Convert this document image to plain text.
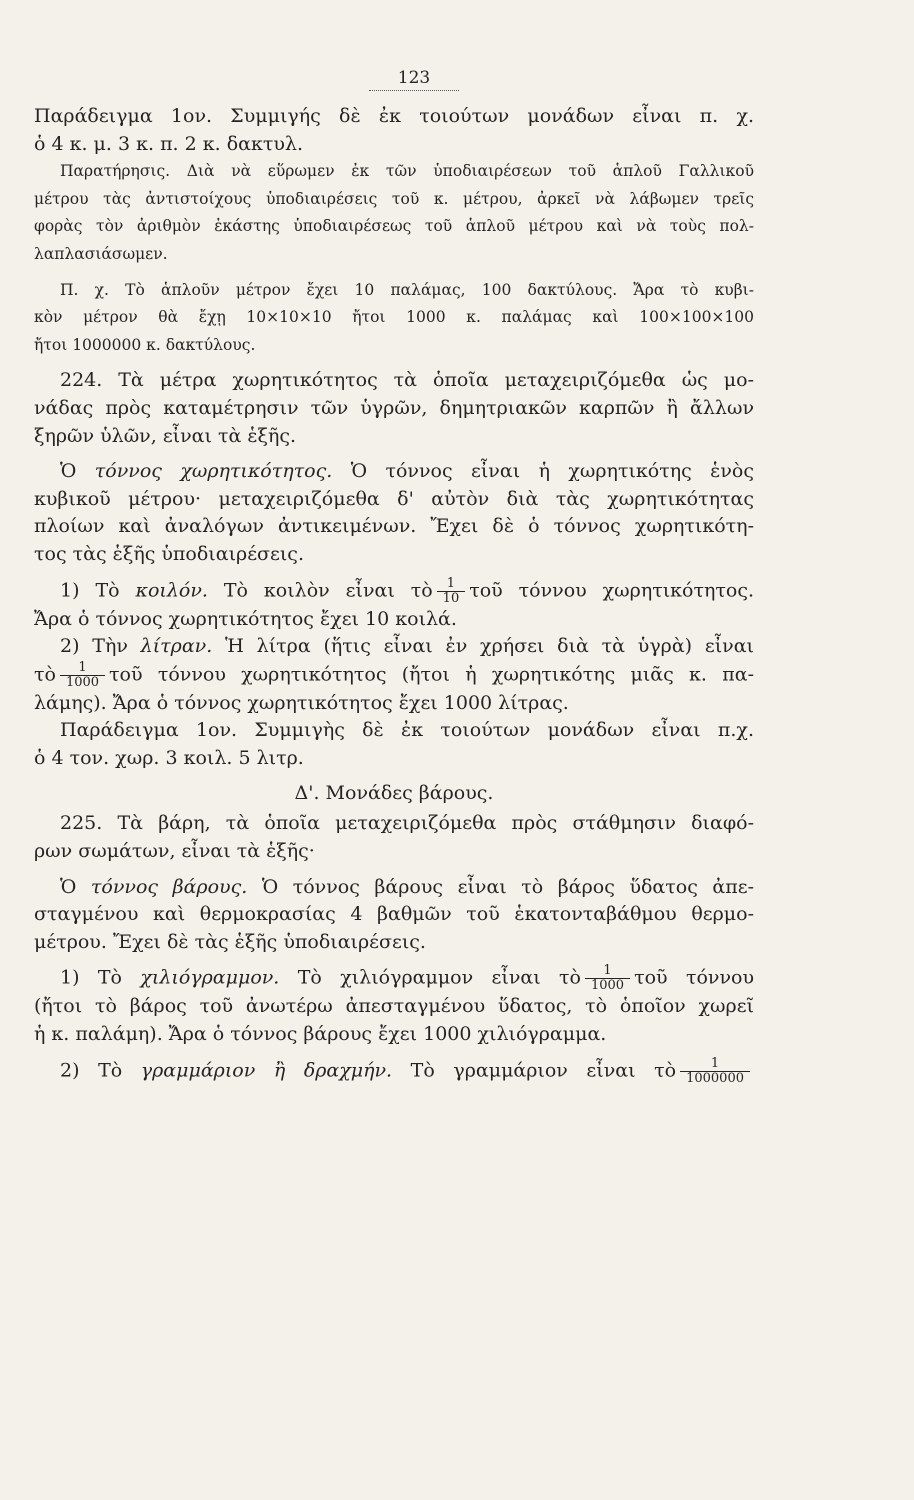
123

Παράδειγμα 1ον. Συμμιγής δὲ ἐκ τοιούτων μονάδων εἶναι π. χ.

ὁ 4 κ. μ. 3 κ. π. 2 κ. δακτυλ.

Παρατήρησις. Διὰ νὰ εὕρωμεν ἐκ τῶν ὑποδιαιρέσεων τοῦ ἁπλοῦ Γαλλικοῦ

μέτρου τὰς ἀντιστοίχους ὑποδιαιρέσεις τοῦ κ. μέτρου, ἀρκεῖ νὰ λάβωμεν τρεῖς

φορὰς τὸν ἀριθμὸν ἑκάστης ὑποδιαιρέσεως τοῦ ἁπλοῦ μέτρου καὶ νὰ τοὺς πολ-

λαπλασιάσωμεν.

Π. χ. Τὸ ἁπλοῦν μέτρον ἔχει 10 παλάμας, 100 δακτύλους. Ἄρα τὸ κυβι-

κὸν μέτρον θὰ ἔχῃ 10×10×10 ἤτοι 1000 κ. παλάμας καὶ 100×100×100

ἤτοι 1000000 κ. δακτύλους.

224. Τὰ μέτρα χωρητικότητος τὰ ὁποῖα μεταχειριζόμεθα ὡς μο-

νάδας πρὸς καταμέτρησιν τῶν ὑγρῶν, δημητριακῶν καρπῶν ἢ ἄλλων

ξηρῶν ὑλῶν, εἶναι τὰ ἑξῆς.

Ὁ τόννος χωρητικότητος. Ὁ τόννος εἶναι ἡ χωρητικότης ἑνὸς

κυβικοῦ μέτρου· μεταχειριζόμεθα δ' αὐτὸν διὰ τὰς χωρητικότητας

πλοίων καὶ ἀναλόγων ἀντικειμένων. Ἔχει δὲ ὁ τόννος χωρητικότη-

τος τὰς ἑξῆς ὑποδιαιρέσεις.

1) Τὸ κοιλόν. Τὸ κοιλὸν εἶναι τὸ $\frac{1}{10}$ τοῦ τόννου χωρητικότητος.

Ἄρα ὁ τόννος χωρητικότητος ἔχει 10 κοιλά.

2) Τὴν λίτραν. Ἡ λίτρα (ἥτις εἶναι ἐν χρήσει διὰ τὰ ὑγρὰ) εἶναι

τὸ $\frac{1}{1000}$ τοῦ τόννου χωρητικότητος (ἤτοι ἡ χωρητικότης μιᾶς κ. πα-

λάμης). Ἄρα ὁ τόννος χωρητικότητος ἔχει 1000 λίτρας.

Παράδειγμα 1ον. Συμμιγὴς δὲ ἐκ τοιούτων μονάδων εἶναι π.χ.

ὁ 4 τον. χωρ. 3 κοιλ. 5 λιτρ.

Δ'. Μονάδες βάρους.

225. Τὰ βάρη, τὰ ὁποῖα μεταχειριζόμεθα πρὸς στάθμησιν διαφό-

ρων σωμάτων, εἶναι τὰ ἑξῆς·

Ὁ τόννος βάρους. Ὁ τόννος βάρους εἶναι τὸ βάρος ὕδατος ἀπε-

σταγμένου καὶ θερμοκρασίας 4 βαθμῶν τοῦ ἑκατονταβάθμου θερμο-

μέτρου. Ἔχει δὲ τὰς ἑξῆς ὑποδιαιρέσεις.

1) Τὸ χιλιόγραμμον. Τὸ χιλιόγραμμον εἶναι τὸ $\frac{1}{1000}$ τοῦ τόννου

(ἤτοι τὸ βάρος τοῦ ἀνωτέρω ἀπεσταγμένου ὕδατος, τὸ ὁποῖον χωρεῖ

ἡ κ. παλάμη). Ἄρα ὁ τόννος βάρους ἔχει 1000 χιλιόγραμμα.

2) Τὸ γραμμάριον ἢ δραχμήν. Τὸ γραμμάριον εἶναι τὸ $\frac{1}{1000000}$
